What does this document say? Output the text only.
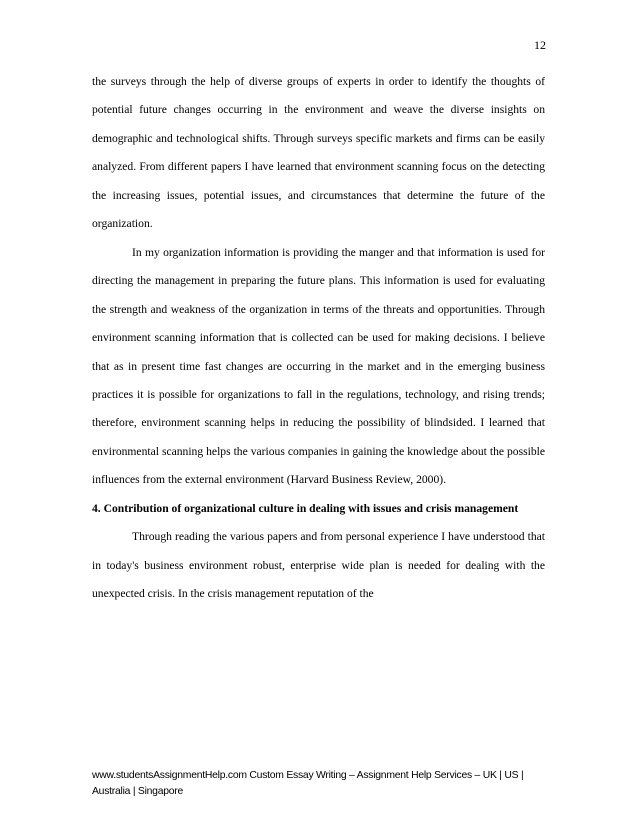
12

the surveys through the help of diverse groups of experts in order to identify the thoughts of potential future changes occurring in the environment and weave the diverse insights on demographic and technological shifts. Through surveys specific markets and firms can be easily analyzed. From different papers I have learned that environment scanning focus on the detecting the increasing issues, potential issues, and circumstances that determine the future of the organization.

In my organization information is providing the manger and that information is used for directing the management in preparing the future plans. This information is used for evaluating the strength and weakness of the organization in terms of the threats and opportunities. Through environment scanning information that is collected can be used for making decisions. I believe that as in present time fast changes are occurring in the market and in the emerging business practices it is possible for organizations to fall in the regulations, technology, and rising trends; therefore, environment scanning helps in reducing the possibility of blindsided. I learned that environmental scanning helps the various companies in gaining the knowledge about the possible influences from the external environment (Harvard Business Review, 2000).

4. Contribution of organizational culture in dealing with issues and crisis management

Through reading the various papers and from personal experience I have understood that in today's business environment robust, enterprise wide plan is needed for dealing with the unexpected crisis. In the crisis management reputation of the

www.studentsAssignmentHelp.com Custom Essay Writing – Assignment Help Services – UK | US | Australia | Singapore
